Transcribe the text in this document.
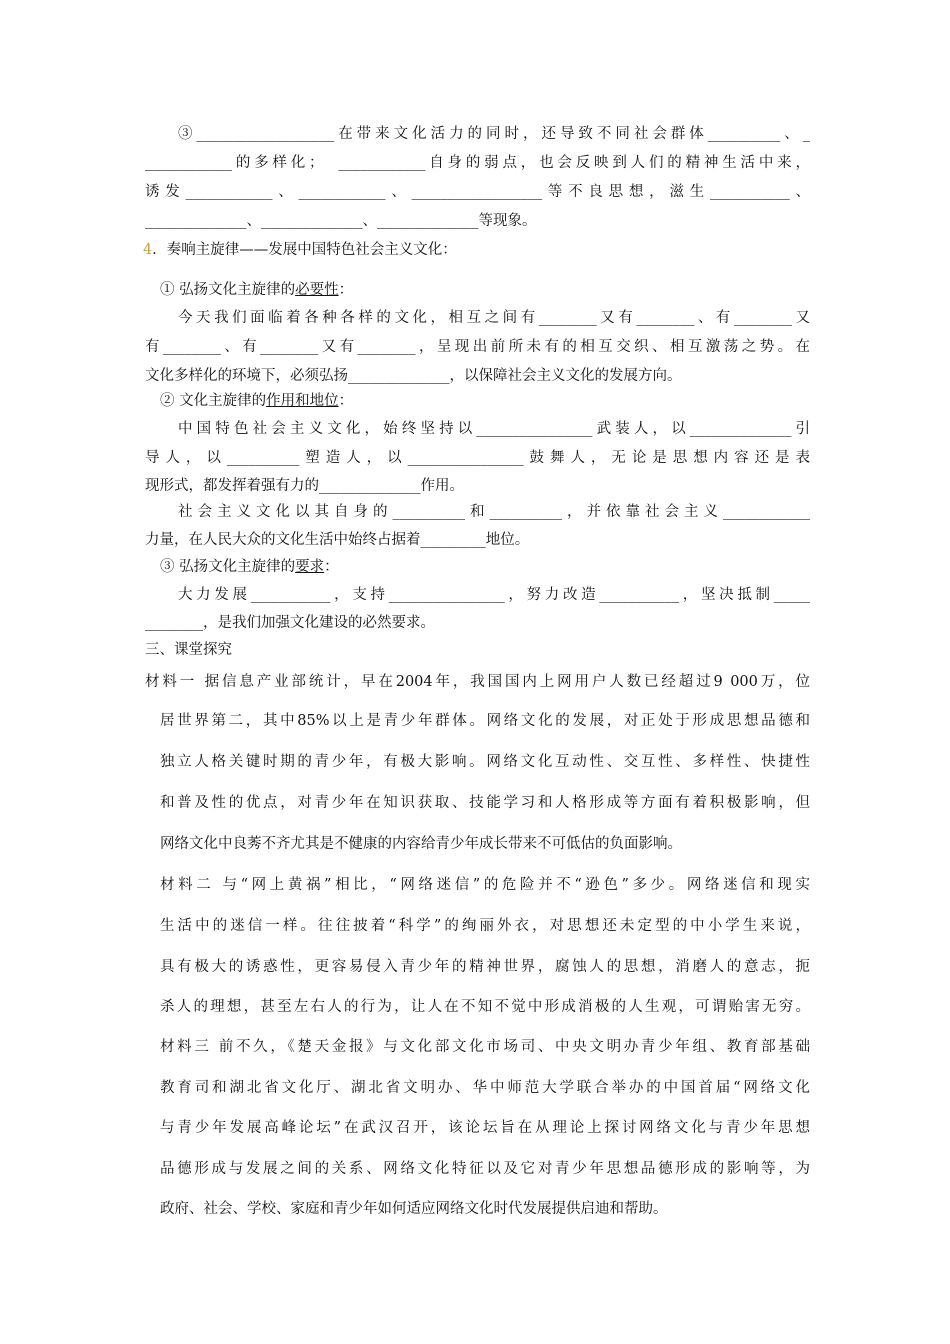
③___________________在带来文化活力的同时，还导致不同社会群体__________、_
____________的多样化；　____________自身的弱点，也会反映到人们的精神生活中来，
诱发____________、____________、__________________等不良思想，滋生___________、
______________、______________、______________等现象。
4．奏响主旋律——发展中国特色社会主义文化：
① 弘扬文化主旋律的必要性：
今天我们面临着各种各样的文化，相互之间有________又有________、有________又
有________、有________又有________，呈现出前所未有的相互交织、相互激荡之势。在
文化多样化的环境下，必须弘扬______________，以保障社会主义文化的发展方向。
② 文化主旋律的作用和地位：
中国特色社会主义文化，始终坚持以________________武装人，以______________引
导人，以__________塑造人，以________________鼓舞人，无论是思想内容还是表
现形式，都发挥着强有力的______________作用。
社会主义文化以其自身的__________和__________，并依靠社会主义____________
力量，在人民大众的文化生活中始终占据着_________地位。
③ 弘扬文化主旋律的要求：
大力发展___________，支持________________，努力改造___________，坚决抵制_____
________，是我们加强文化建设的必然要求。
三、课堂探究
材料一 据信息产业部统计，早在2004年，我国国内上网用户人数已经超过9 000万，位
居世界第二，其中85%以上是青少年群体。网络文化的发展，对正处于形成思想品德和
独立人格关键时期的青少年，有极大影响。网络文化互动性、交互性、多样性、快捷性
和普及性的优点，对青少年在知识获取、技能学习和人格形成等方面有着积极影响，但
网络文化中良莠不齐尤其是不健康的内容给青少年成长带来不可低估的负面影响。
材料二 与“网上黄祸”相比，“网络迷信”的危险并不“逊色”多少。网络迷信和现实
生活中的迷信一样。往往披着“科学”的绚丽外衣，对思想还未定型的中小学生来说，
具有极大的诱惑性，更容易侵入青少年的精神世界，腐蚀人的思想，消磨人的意志，扼
杀人的理想，甚至左右人的行为，让人在不知不觉中形成消极的人生观，可谓贻害无穷。
材料三 前不久，《楚天金报》与文化部文化市场司、中央文明办青少年组、教育部基础
教育司和湖北省文化厅、湖北省文明办、华中师范大学联合举办的中国首届“网络文化
与青少年发展高峰论坛”在武汉召开，该论坛旨在从理论上探讨网络文化与青少年思想
品德形成与发展之间的关系、网络文化特征以及它对青少年思想品德形成的影响等，为
政府、社会、学校、家庭和青少年如何适应网络文化时代发展提供启迪和帮助。
